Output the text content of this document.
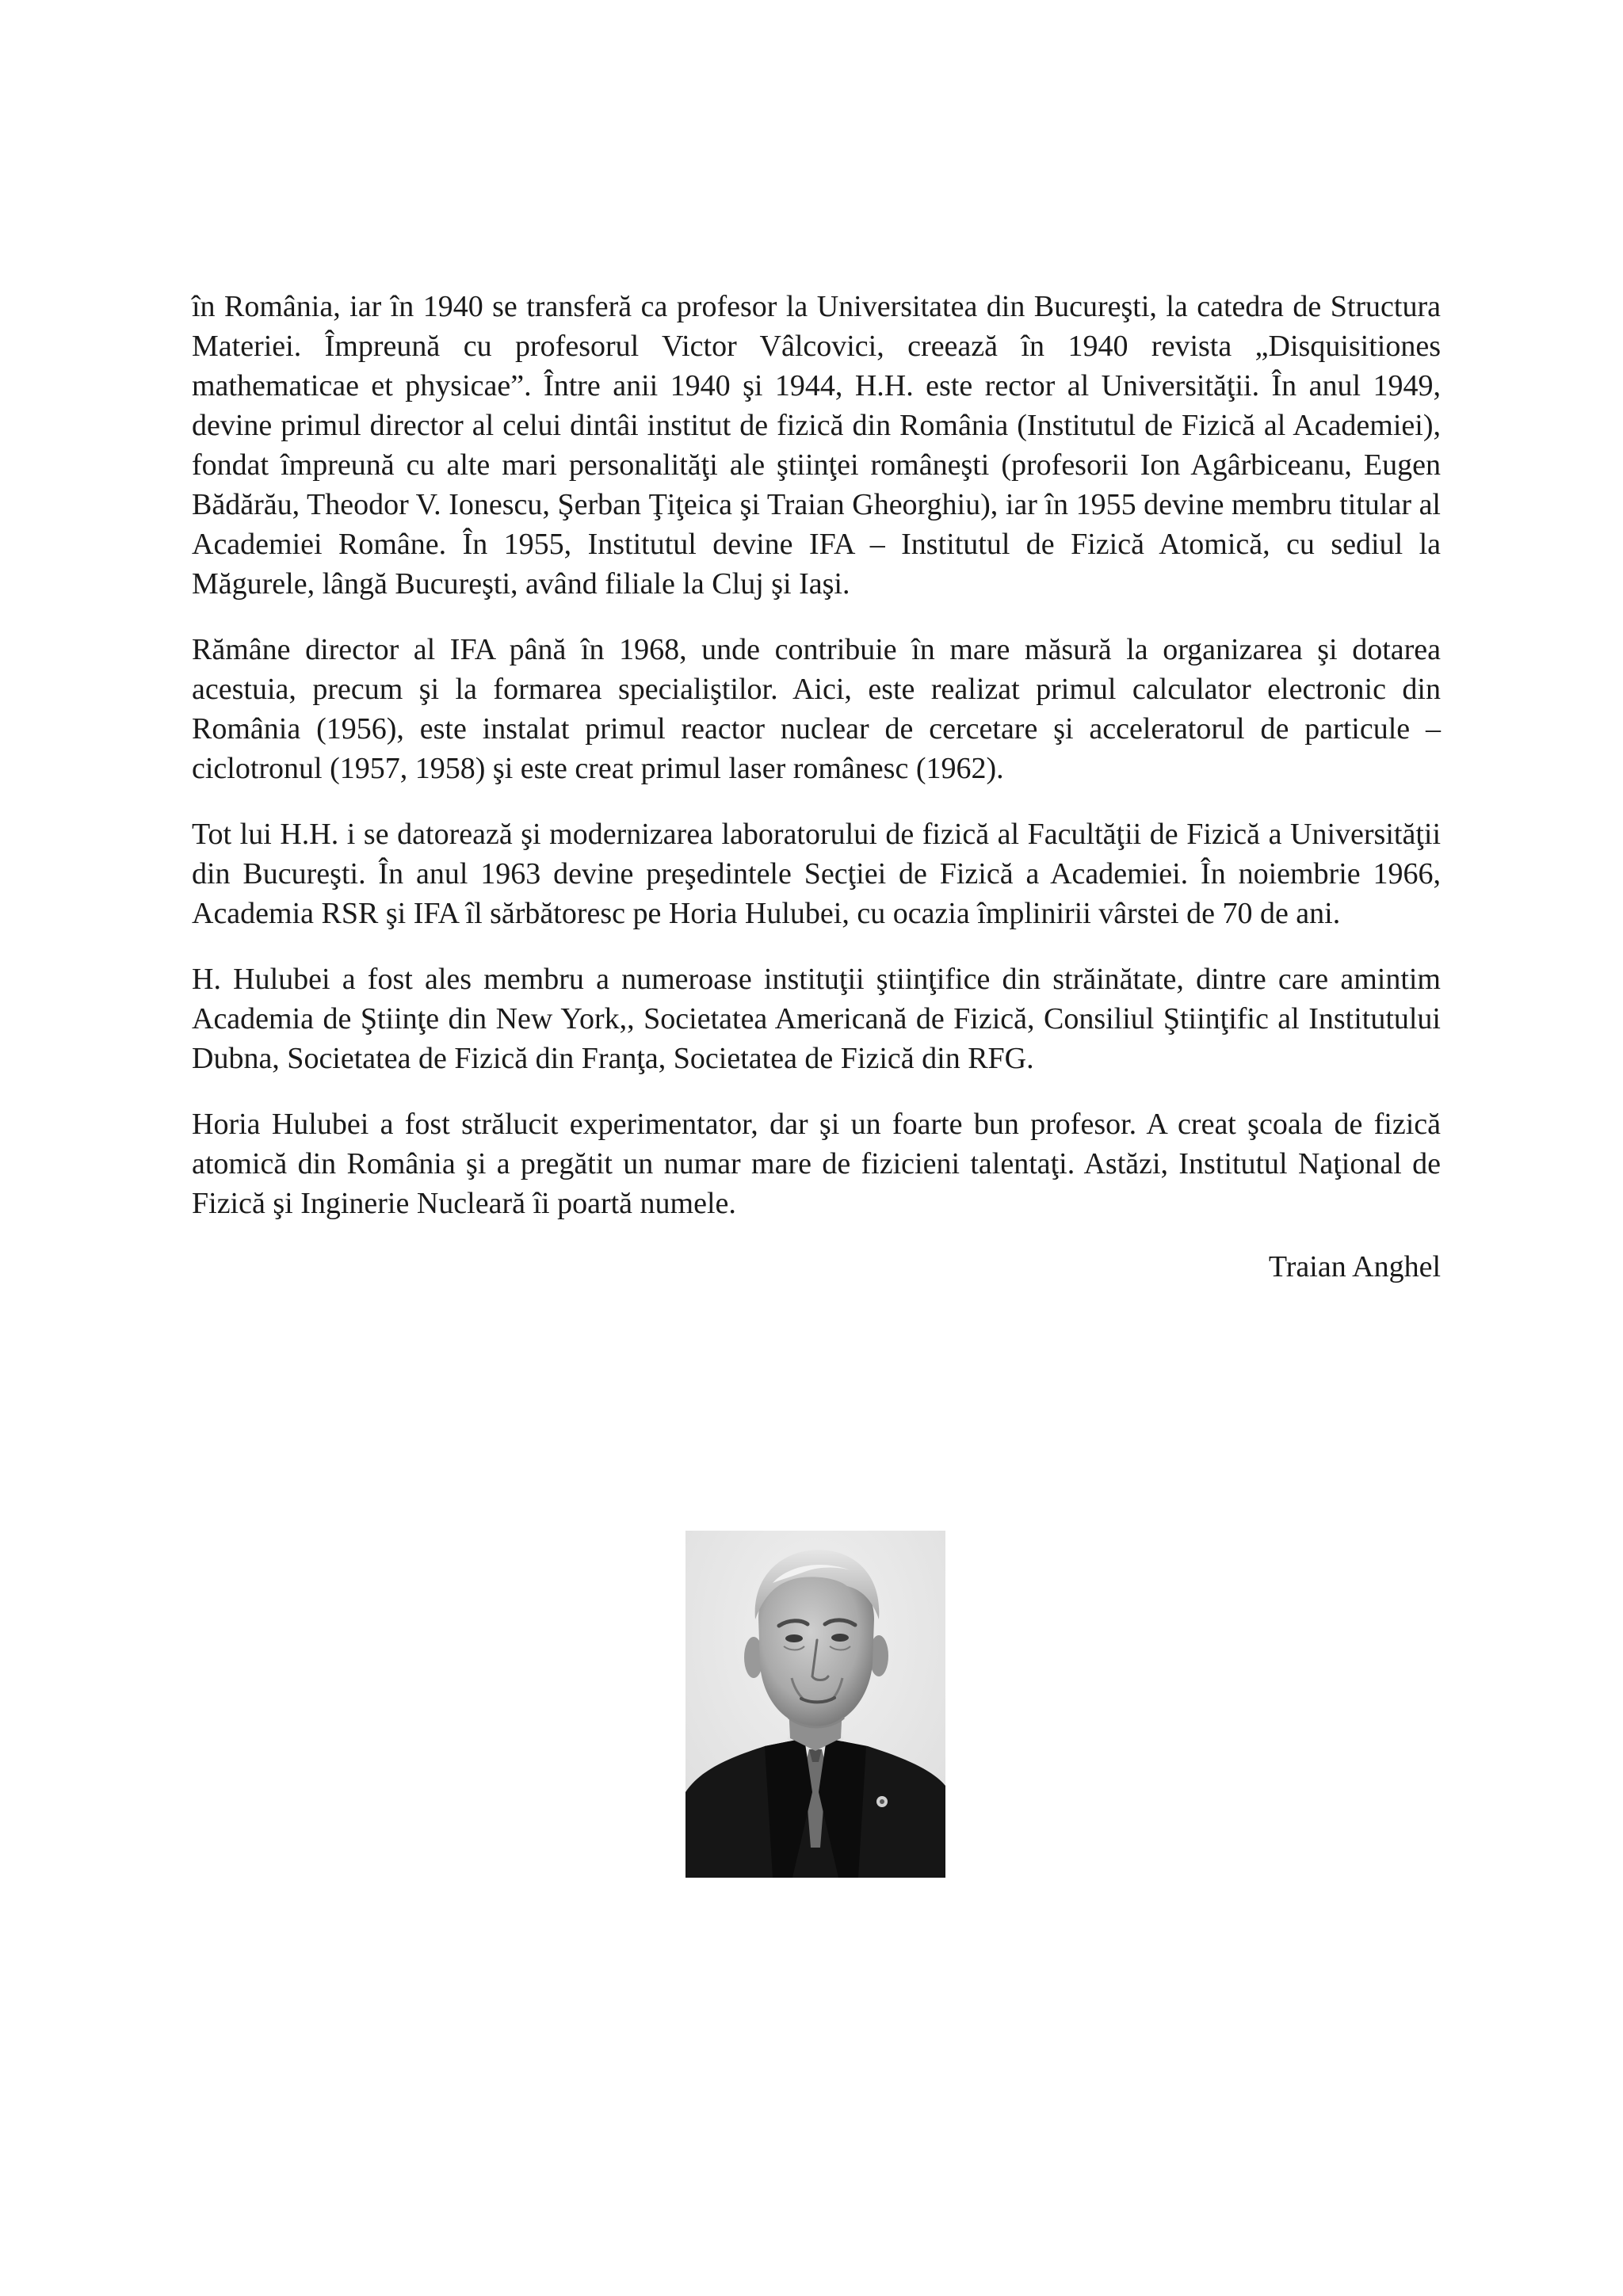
în România, iar în 1940 se transferă ca profesor la Universitatea din Bucureşti, la catedra de Structura Materiei. Împreună cu profesorul Victor Vâlcovici, creează în 1940 revista „Disquisitiones mathematicae et physicae”. Între anii 1940 şi 1944, H.H. este rector al Universităţii. În anul 1949, devine primul director al celui dintâi institut de fizică din România (Institutul de Fizică al Academiei), fondat împreună cu alte mari personalităţi ale ştiinţei româneşti (profesorii Ion Agârbiceanu, Eugen Bădărău, Theodor V. Ionescu, Şerban Ţiţeica şi Traian Gheorghiu), iar în 1955 devine membru titular al Academiei Române. În 1955, Institutul devine IFA – Institutul de Fizică Atomică, cu sediul la Măgurele, lângă Bucureşti, având filiale la Cluj şi Iaşi.

Rămâne director al IFA până în 1968, unde contribuie în mare măsură la organizarea şi dotarea acestuia, precum şi la formarea specialiştilor. Aici, este realizat primul calculator electronic din România (1956), este instalat primul reactor nuclear de cercetare şi acceleratorul de particule – ciclotronul (1957, 1958) şi este creat primul laser românesc (1962).

Tot lui H.H. i se datorează şi modernizarea laboratorului de fizică al Facultăţii de Fizică a Universităţii din Bucureşti. În anul 1963 devine preşedintele Secţiei de Fizică a Academiei. În noiembrie 1966, Academia RSR şi IFA îl sărbătoresc pe Horia Hulubei, cu ocazia împlinirii vârstei de 70 de ani.

H. Hulubei a fost ales membru a numeroase instituţii ştiinţifice din străinătate, dintre care amintim Academia de Ştiinţe din New York,, Societatea Americană de Fizică, Consiliul Ştiinţific al Institutului Dubna, Societatea de Fizică din Franţa, Societatea de Fizică din RFG.

Horia Hulubei a fost strălucit experimentator, dar şi un foarte bun profesor. A creat şcoala de fizică atomică din România şi a pregătit un numar mare de fizicieni talentaţi. Astăzi, Institutul Naţional de Fizică şi Inginerie Nucleară îi poartă numele.

Traian Anghel
